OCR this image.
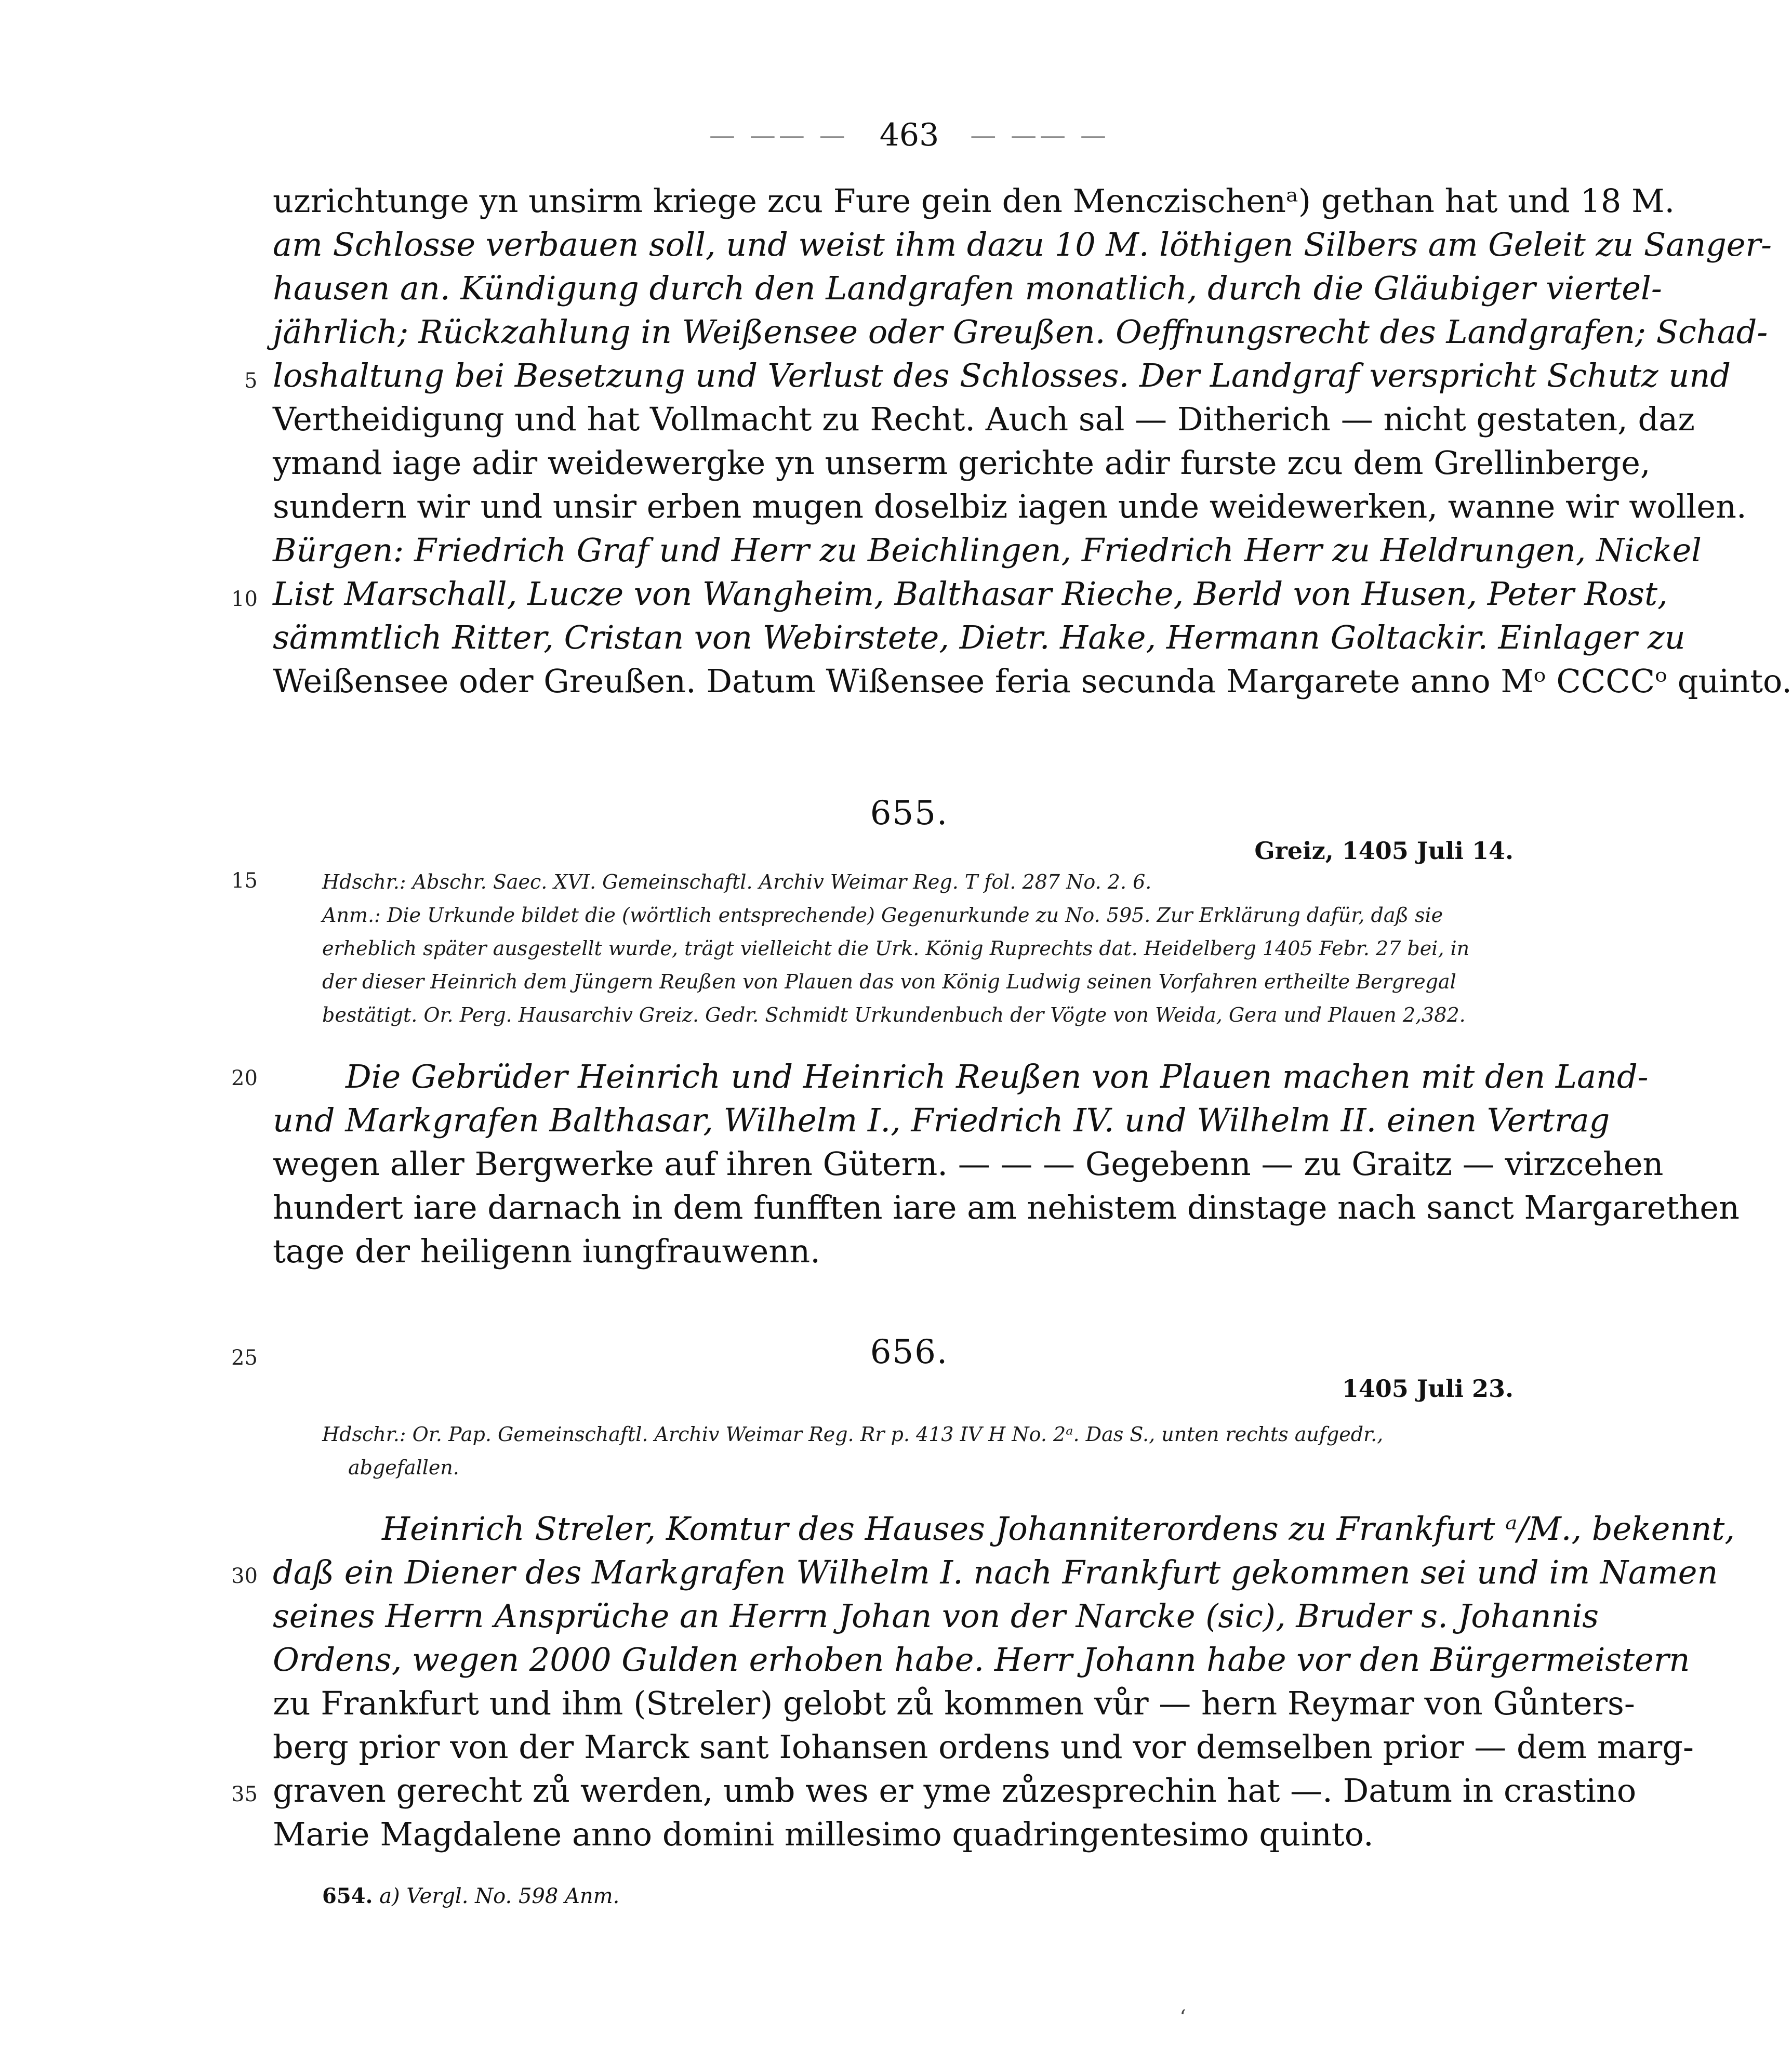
— —— — 463 — —— —
uzrichtunge yn unsirm kriege zcu Fure gein den Menczischenᵃ) gethan hat und 18 M.
am Schlosse verbauen soll, und weist ihm dazu 10 M. löthigen Silbers am Geleit zu Sanger-
hausen an. Kündigung durch den Landgrafen monatlich, durch die Gläubiger viertel-
jährlich; Rückzahlung in Weißensee oder Greußen. Oeffnungsrecht des Landgrafen; Schad-
loshaltung bei Besetzung und Verlust des Schlosses. Der Landgraf verspricht Schutz und
Vertheidigung und hat Vollmacht zu Recht. Auch sal — Ditherich — nicht gestaten, daz
ymand iage adir weidewergke yn unserm gerichte adir furste zcu dem Grellinberge,
sundern wir und unsir erben mugen doselbiz iagen unde weidewerken, wanne wir wollen.
Bürgen: Friedrich Graf und Herr zu Beichlingen, Friedrich Herr zu Heldrungen, Nickel
List Marschall, Lucze von Wangheim, Balthasar Rieche, Berld von Husen, Peter Rost,
sämmtlich Ritter, Cristan von Webirstete, Dietr. Hake, Hermann Goltackir. Einlager zu
Weißensee oder Greußen. Datum Wißensee feria secunda Margarete anno Mᵒ CCCCᵒ quinto.
5
10
15
20
25
30
35
655.
Greiz, 1405 Juli 14.
Hdschr.: Abschr. Saec. XVI. Gemeinschaftl. Archiv Weimar Reg. T fol. 287 No. 2. 6.
Anm.: Die Urkunde bildet die (wörtlich entsprechende) Gegenurkunde zu No. 595. Zur Erklärung dafür, daß sie
erheblich später ausgestellt wurde, trägt vielleicht die Urk. König Ruprechts dat. Heidelberg 1405 Febr. 27 bei, in
der dieser Heinrich dem Jüngern Reußen von Plauen das von König Ludwig seinen Vorfahren ertheilte Bergregal
bestätigt. Or. Perg. Hausarchiv Greiz. Gedr. Schmidt Urkundenbuch der Vögte von Weida, Gera und Plauen 2,382.
Die Gebrüder Heinrich und Heinrich Reußen von Plauen machen mit den Land-
und Markgrafen Balthasar, Wilhelm I., Friedrich IV. und Wilhelm II. einen Vertrag
wegen aller Bergwerke auf ihren Gütern. — — — Gegebenn — zu Graitz — virzcehen
hundert iare darnach in dem funfften iare am nehistem dinstage nach sanct Margarethen
tage der heiligenn iungfrauwenn.
656.
1405 Juli 23.
Hdschr.: Or. Pap. Gemeinschaftl. Archiv Weimar Reg. Rr p. 413 IV H No. 2ᵃ. Das S., unten rechts aufgedr.,
abgefallen.
Heinrich Streler, Komtur des Hauses Johanniterordens zu Frankfurt ᵃ/M., bekennt,
daß ein Diener des Markgrafen Wilhelm I. nach Frankfurt gekommen sei und im Namen
seines Herrn Ansprüche an Herrn Johan von der Narcke (sic), Bruder s. Johannis
Ordens, wegen 2000 Gulden erhoben habe. Herr Johann habe vor den Bürgermeistern
zu Frankfurt und ihm (Streler) gelobt zů kommen vůr — hern Reymar von Gůnters-
berg prior von der Marck sant Iohansen ordens und vor demselben prior — dem marg-
graven gerecht zů werden, umb wes er yme zůzesprechin hat —. Datum in crastino
Marie Magdalene anno domini millesimo quadringentesimo quinto.
654. a) Vergl. No. 598 Anm.
ʻ
